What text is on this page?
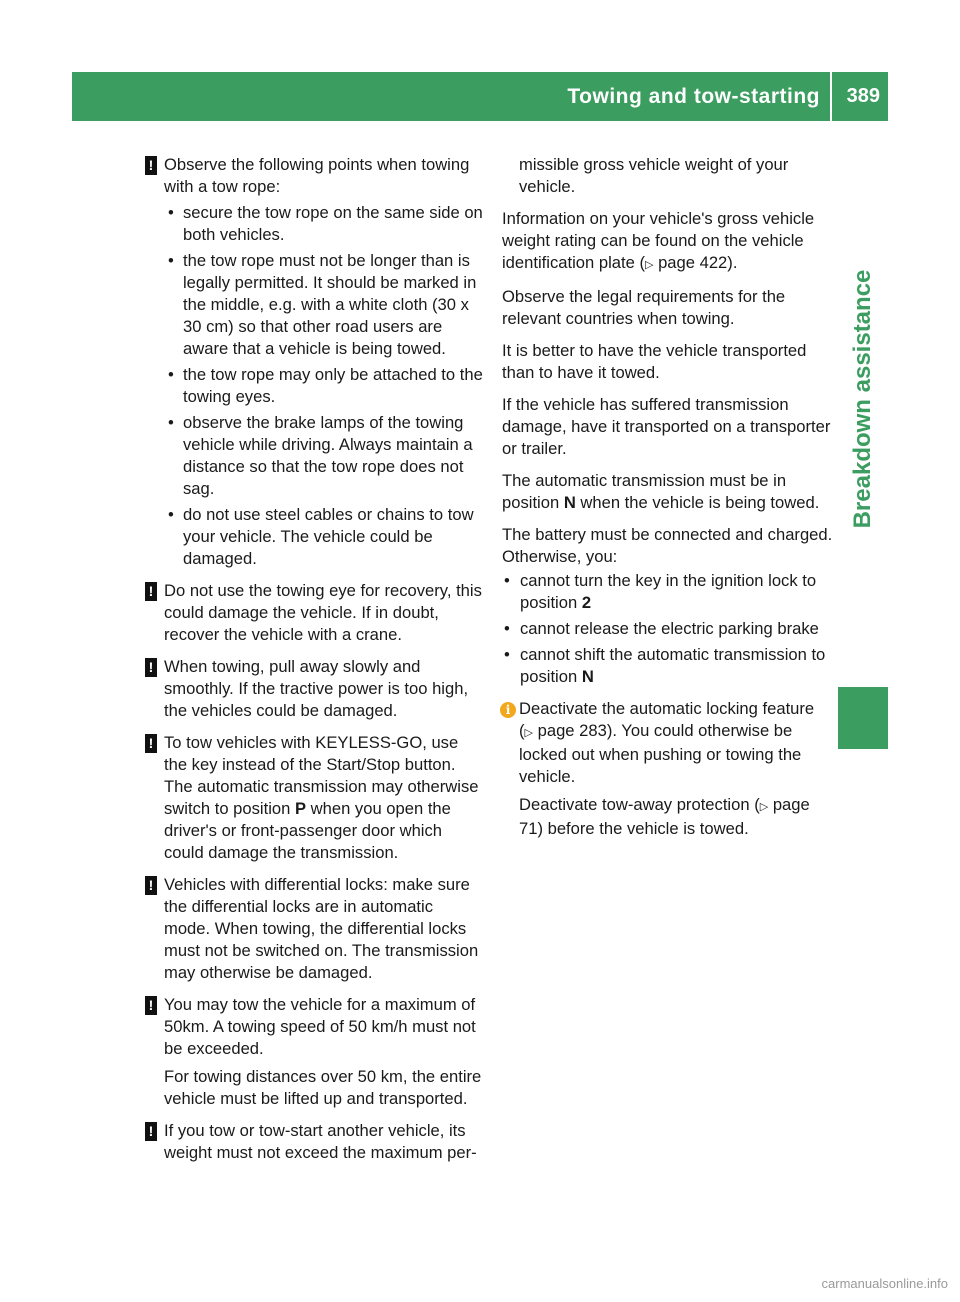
Towing and tow-starting 389
Breakdown assistance
! Observe the following points when towing with a tow rope:
• secure the tow rope on the same side on both vehicles.
• the tow rope must not be longer than is legally permitted. It should be marked in the middle, e.g. with a white cloth (30 x 30 cm) so that other road users are aware that a vehicle is being towed.
• the tow rope may only be attached to the towing eyes.
• observe the brake lamps of the towing vehicle while driving. Always maintain a distance so that the tow rope does not sag.
• do not use steel cables or chains to tow your vehicle. The vehicle could be damaged.
! Do not use the towing eye for recovery, this could damage the vehicle. If in doubt, recover the vehicle with a crane.
! When towing, pull away slowly and smoothly. If the tractive power is too high, the vehicles could be damaged.
! To tow vehicles with KEYLESS-GO, use the key instead of the Start/Stop button. The automatic transmission may otherwise switch to position P when you open the driver's or front-passenger door which could damage the transmission.
! Vehicles with differential locks: make sure the differential locks are in automatic mode. When towing, the differential locks must not be switched on. The transmission may otherwise be damaged.
! You may tow the vehicle for a maximum of 50km. A towing speed of 50 km/h must not be exceeded.
For towing distances over 50 km, the entire vehicle must be lifted up and transported.
! If you tow or tow-start another vehicle, its weight must not exceed the maximum per-
missible gross vehicle weight of your vehicle.
Information on your vehicle's gross vehicle weight rating can be found on the vehicle identification plate (▷ page 422).
Observe the legal requirements for the relevant countries when towing.
It is better to have the vehicle transported than to have it towed.
If the vehicle has suffered transmission damage, have it transported on a transporter or trailer.
The automatic transmission must be in position N when the vehicle is being towed.
The battery must be connected and charged. Otherwise, you:
• cannot turn the key in the ignition lock to position 2
• cannot release the electric parking brake
• cannot shift the automatic transmission to position N
i Deactivate the automatic locking feature (▷ page 283). You could otherwise be locked out when pushing or towing the vehicle.
Deactivate tow-away protection (▷ page 71) before the vehicle is towed.
carmanualsonline.info
